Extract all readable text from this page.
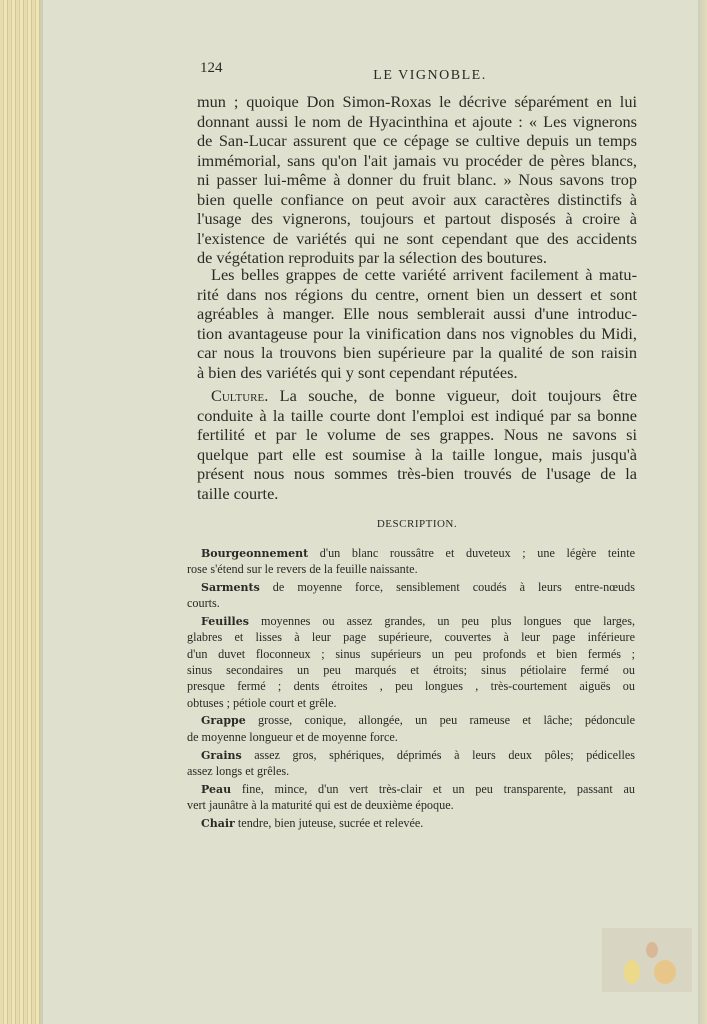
124	LE VIGNOBLE.
mun ; quoique Don Simon-Roxas le décrive séparément en lui
donnant aussi le nom de Hyacinthina et ajoute : « Les vignerons
de San-Lucar assurent que ce cépage se cultive depuis un temps
immémorial, sans qu'on l'ait jamais vu procéder de pères blancs,
ni passer lui-même à donner du fruit blanc. » Nous savons trop
bien quelle confiance on peut avoir aux caractères distinctifs à
l'usage des vignerons, toujours et partout disposés à croire à
l'existence de variétés qui ne sont cependant que des accidents
de végétation reproduits par la sélection des boutures.
Les belles grappes de cette variété arrivent facilement à matu-
rité dans nos régions du centre, ornent bien un dessert et sont
agréables à manger. Elle nous semblerait aussi d'une introduc-
tion avantageuse pour la vinification dans nos vignobles du Midi,
car nous la trouvons bien supérieure par la qualité de son raisin
à bien des variétés qui y sont cependant réputées.
Culture. La souche, de bonne vigueur, doit toujours être
conduite à la taille courte dont l'emploi est indiqué par sa bonne
fertilité et par le volume de ses grappes. Nous ne savons si
quelque part elle est soumise à la taille longue, mais jusqu'à
présent nous nous sommes très-bien trouvés de l'usage de la
taille courte.
DESCRIPTION.
Bourgeonnement d'un blanc roussâtre et duveteux ; une légère teinte
rose s'étend sur le revers de la feuille naissante.
Sarments de moyenne force, sensiblement coudés à leurs entre-nœuds
courts.
Feuilles moyennes ou assez grandes, un peu plus longues que larges,
glabres et lisses à leur page supérieure, couvertes à leur page inférieure
d'un duvet floconneux ; sinus supérieurs un peu profonds et bien fermés ;
sinus secondaires un peu marqués et étroits; sinus pétiolaire fermé ou
presque fermé ; dents étroites , peu longues , très-courtement aiguës ou
obtuses ; pétiole court et grêle.
Grappe grosse, conique, allongée, un peu rameuse et lâche; pédoncule
de moyenne longueur et de moyenne force.
Grains assez gros, sphériques, déprimés à leurs deux pôles; pédicelles
assez longs et grêles.
Peau fine, mince, d'un vert très-clair et un peu transparente, passant au
vert jaunâtre à la maturité qui est de deuxième époque.
Chair tendre, bien juteuse, sucrée et relevée.
